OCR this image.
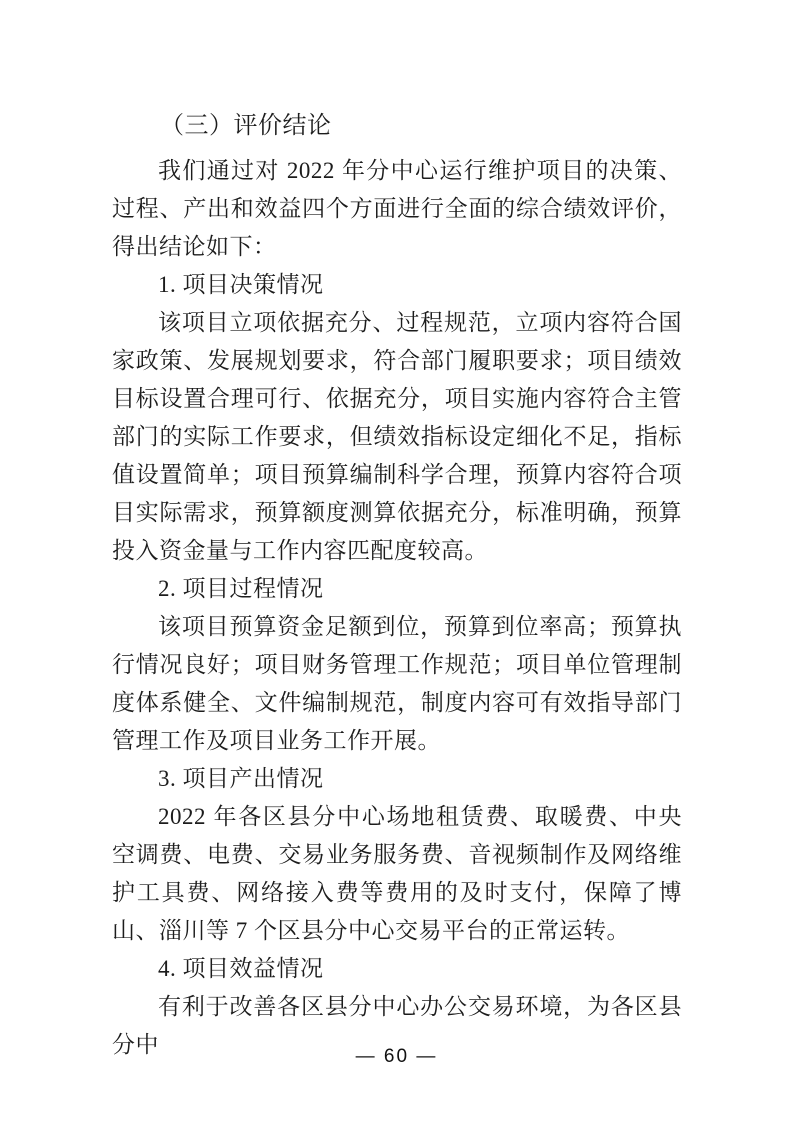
（三）评价结论

我们通过对 2022 年分中心运行维护项目的决策、过程、产出和效益四个方面进行全面的综合绩效评价，得出结论如下：

1. 项目决策情况

该项目立项依据充分、过程规范，立项内容符合国家政策、发展规划要求，符合部门履职要求；项目绩效目标设置合理可行、依据充分，项目实施内容符合主管部门的实际工作要求，但绩效指标设定细化不足，指标值设置简单；项目预算编制科学合理，预算内容符合项目实际需求，预算额度测算依据充分，标准明确，预算投入资金量与工作内容匹配度较高。

2. 项目过程情况

该项目预算资金足额到位，预算到位率高；预算执行情况良好；项目财务管理工作规范；项目单位管理制度体系健全、文件编制规范，制度内容可有效指导部门管理工作及项目业务工作开展。

3. 项目产出情况

2022 年各区县分中心场地租赁费、取暖费、中央空调费、电费、交易业务服务费、音视频制作及网络维护工具费、网络接入费等费用的及时支付，保障了博山、淄川等 7 个区县分中心交易平台的正常运转。

4. 项目效益情况

有利于改善各区县分中心办公交易环境，为各区县分中	— 60 —
